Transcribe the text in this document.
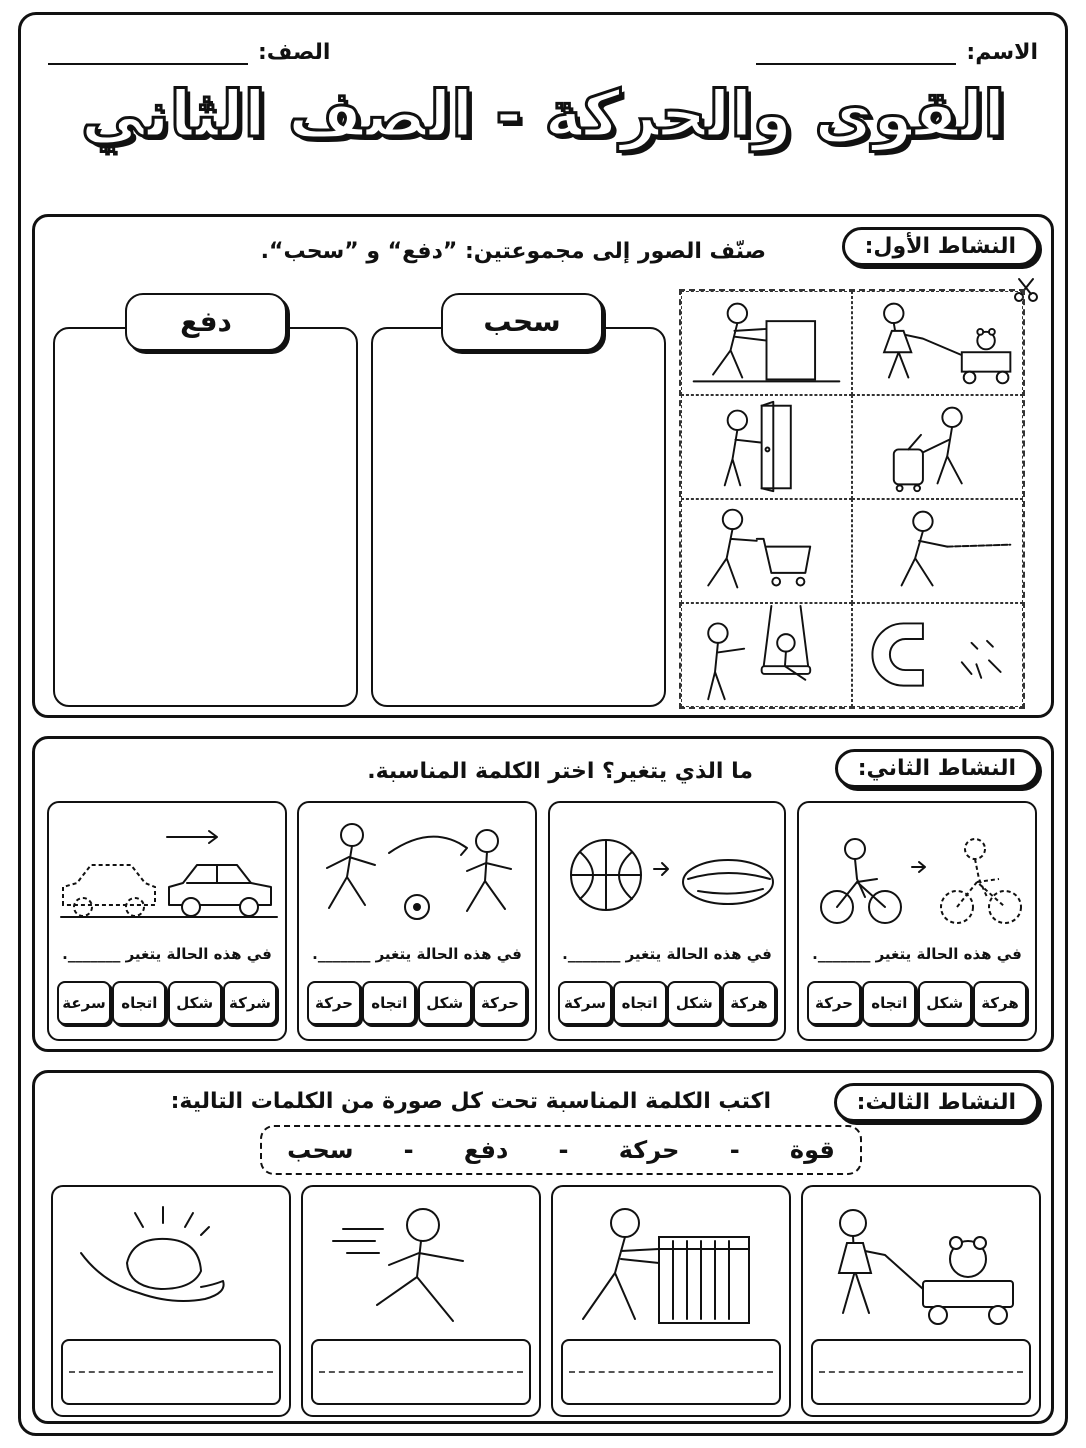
الاسم:
الصف:
القوى والحركة - الصف الثاني
النشاط الأول:
صنّف الصور إلى مجموعتين: ”دفع“ و ”سحب“.
دفع	سحب
النشاط الثاني:
ما الذي يتغير؟ اختر الكلمة المناسبة.
في هذه الحالة يتغير _______.
هركة
شكل
اتجاه
حركة
في هذه الحالة يتغير _______.
هركة
شكل
اتجاه
سركة
في هذه الحالة يتغير _______.
حركة
شكل
اتجاه
حركة
في هذه الحالة يتغير _______.
شركة
شكل
اتجاه
سرعة
النشاط الثالث:
اكتب الكلمة المناسبة تحت كل صورة من الكلمات التالية:
قوة
-
حركة
-
دفع
-
سحب
